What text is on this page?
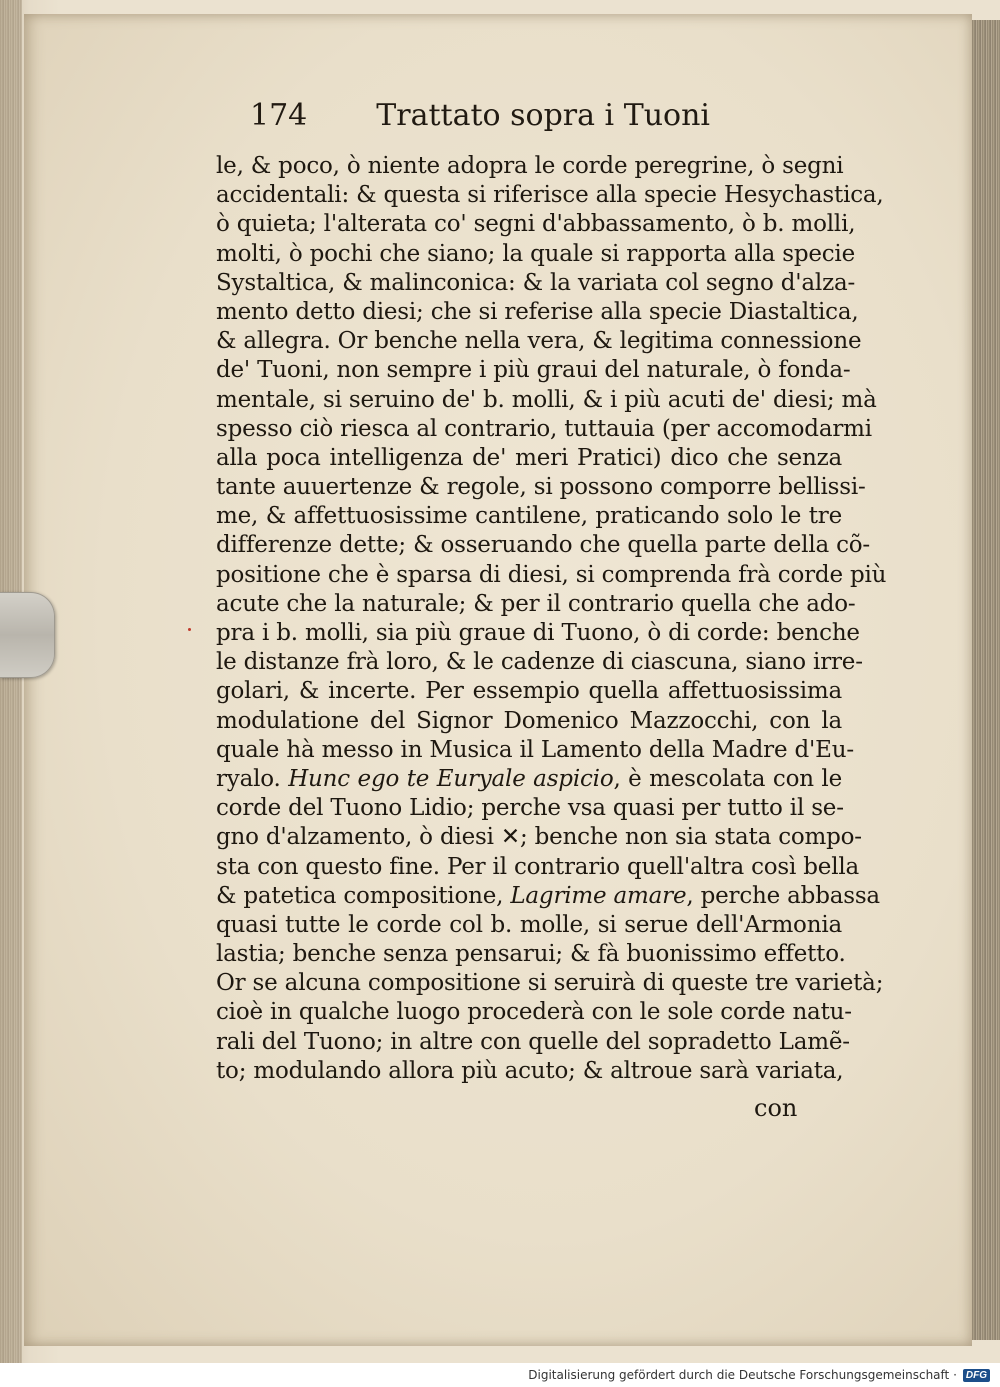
174 Trattato sopra i Tuoni
le, & poco, ò niente adopra le corde peregrine, ò segni
accidentali: & questa si riferisce alla specie Hesychastica,
ò quieta; l'alterata co' segni d'abbassamento, ò b. molli,
molti, ò pochi che siano; la quale si rapporta alla specie
Systaltica, & malinconica: & la variata col segno d'alza-
mento detto diesi; che si referise alla specie Diastaltica,
& allegra. Or benche nella vera, & legitima connessione
de' Tuoni, non sempre i più graui del naturale, ò fonda-
mentale, si seruino de' b. molli, & i più acuti de' diesi; mà
spesso ciò riesca al contrario, tuttauia (per accomodarmi
alla poca intelligenza de' meri Pratici) dico che senza
tante auuertenze & regole, si possono comporre bellissi-
me, & affettuosissime cantilene, praticando solo le tre
differenze dette; & osseruando che quella parte della cõ-
positione che è sparsa di diesi, si comprenda frà corde più
acute che la naturale; & per il contrario quella che ado-
pra i b. molli, sia più graue di Tuono, ò di corde: benche
le distanze frà loro, & le cadenze di ciascuna, siano irre-
golari, & incerte. Per essempio quella affettuosissima
modulatione del Signor Domenico Mazzocchi, con la
quale hà messo in Musica il Lamento della Madre d'Eu-
ryalo. Hunc ego te Euryale aspicio, è mescolata con le
corde del Tuono Lidio; perche vsa quasi per tutto il se-
gno d'alzamento, ò diesi ✕; benche non sia stata compo-
sta con questo fine. Per il contrario quell'altra così bella
& patetica compositione, Lagrime amare, perche abbassa
quasi tutte le corde col b. molle, si serue dell'Armonia
lastia; benche senza pensarui; & fà buonissimo effetto.
Or se alcuna compositione si seruirà di queste tre varietà;
cioè in qualche luogo procederà con le sole corde natu-
rali del Tuono; in altre con quelle del sopradetto Lamẽ-
to; modulando allora più acuto; & altroue sarà variata,
con
Digitalisierung gefördert durch die Deutsche Forschungsgemeinschaft · DFG
